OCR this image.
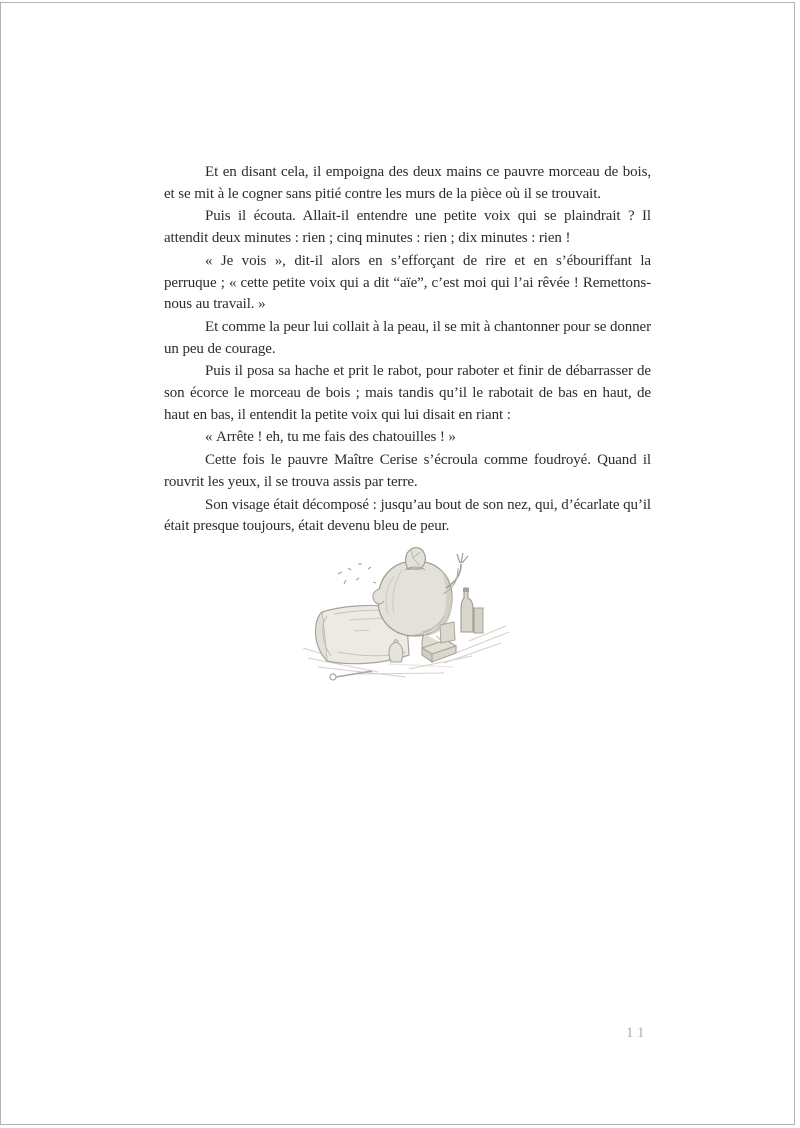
Et en disant cela, il empoigna des deux mains ce pauvre morceau de bois, et se mit à le cogner sans pitié contre les murs de la pièce où il se trouvait.

Puis il écouta. Allait-il entendre une petite voix qui se plaindrait ? Il attendit deux minutes : rien ; cinq minutes : rien ; dix minutes : rien !

« Je vois », dit-il alors en s’efforçant de rire et en s’ébouriffant la perruque ; « cette petite voix qui a dit “aïe”, c’est moi qui l’ai rêvée ! Remettons-nous au travail. »

Et comme la peur lui collait à la peau, il se mit à chantonner pour se donner un peu de courage.

Puis il posa sa hache et prit le rabot, pour raboter et finir de débarrasser de son écorce le morceau de bois ; mais tandis qu’il le rabotait de bas en haut, de haut en bas, il entendit la petite voix qui lui disait en riant :

« Arrête ! eh, tu me fais des chatouilles ! »

Cette fois le pauvre Maître Cerise s’écroula comme foudroyé. Quand il rouvrit les yeux, il se trouva assis par terre.

Son visage était décomposé : jusqu’au bout de son nez, qui, d’écarlate qu’il était presque toujours, était devenu bleu de peur.

11
